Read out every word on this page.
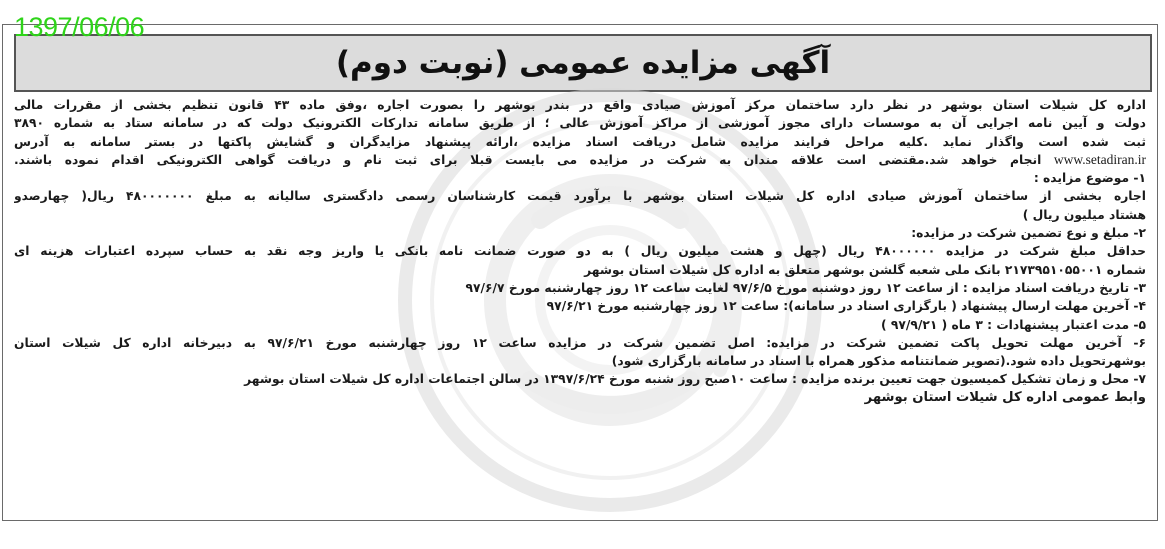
1397/06/06
آگهی مزایده عمومی (نوبت دوم)
اداره کل شیلات استان بوشهر در نظر دارد ساختمان مرکز آموزش صیادی واقع در بندر بوشهر را بصورت اجاره ،وفق ماده ۴۳ قانون تنظیم بخشی از مقررات مالی
دولت و آیین نامه اجرایی آن به موسسات دارای مجوز آموزشی از مراکز آموزش عالی ؛ از طریق سامانه تدارکات الکترونیک دولت که در سامانه ستاد به شماره ۳۸۹۰
ثبت شده است واگذار نماید .کلیه مراحل فرایند مزایده شامل دریافت اسناد مزایده ،ارائه پیشنهاد مزایدگران و گشایش پاکتها در بستر سامانه به آدرس
www.setadiran.ir انجام خواهد شد.مقتضی است علاقه مندان به شرکت در مزایده می بایست قبلا برای ثبت نام و دریافت گواهی الکترونیکی اقدام نموده باشند.
۱- موضوع مزایده :
اجاره بخشی از ساختمان آموزش صیادی اداره کل شیلات استان بوشهر با برآورد قیمت کارشناسان رسمی دادگستری سالیانه به مبلغ ۴۸۰۰۰۰۰۰۰ ریال( چهارصدو
هشتاد میلیون ریال )
۲- مبلغ و نوع تضمین شرکت در مزایده:
حداقل مبلغ شرکت در مزایده ۴۸۰۰۰۰۰۰ ریال (چهل و هشت میلیون ریال ) به دو صورت ضمانت نامه بانکی یا واریز وجه نقد به حساب سپرده اعتبارات هزینه ای
شماره ۲۱۷۳۹۵۱۰۵۵۰۰۱ بانک ملی شعبه گلشن بوشهر متعلق به اداره کل شیلات استان بوشهر
۳- تاریخ دریافت اسناد مزایده : از ساعت ۱۲ روز دوشنبه مورخ ۹۷/۶/۵ لغایت ساعت ۱۲ روز چهارشنبه مورخ ۹۷/۶/۷
۴- آخرین مهلت ارسال پیشنهاد ( بارگزاری اسناد در سامانه): ساعت ۱۲ روز چهارشنبه مورخ ۹۷/۶/۲۱
۵- مدت اعتبار پیشنهادات : ۳ ماه ( ۹۷/۹/۲۱ )
۶- آخرین مهلت تحویل پاکت تضمین شرکت در مزایده: اصل تضمین شرکت در مزایده ساعت ۱۲ روز چهارشنبه مورخ ۹۷/۶/۲۱ به دبیرخانه اداره کل شیلات استان
بوشهرتحویل داده شود.(تصویر ضمانتنامه مذکور همراه با اسناد در سامانه بارگزاری شود)
۷- محل و زمان تشکیل کمیسیون جهت تعیین برنده مزایده : ساعت ۱۰صبح روز شنبه مورخ ۱۳۹۷/۶/۲۴ در سالن اجتماعات اداره کل شیلات استان بوشهر
وابط عمومی اداره کل شیلات استان بوشهر
